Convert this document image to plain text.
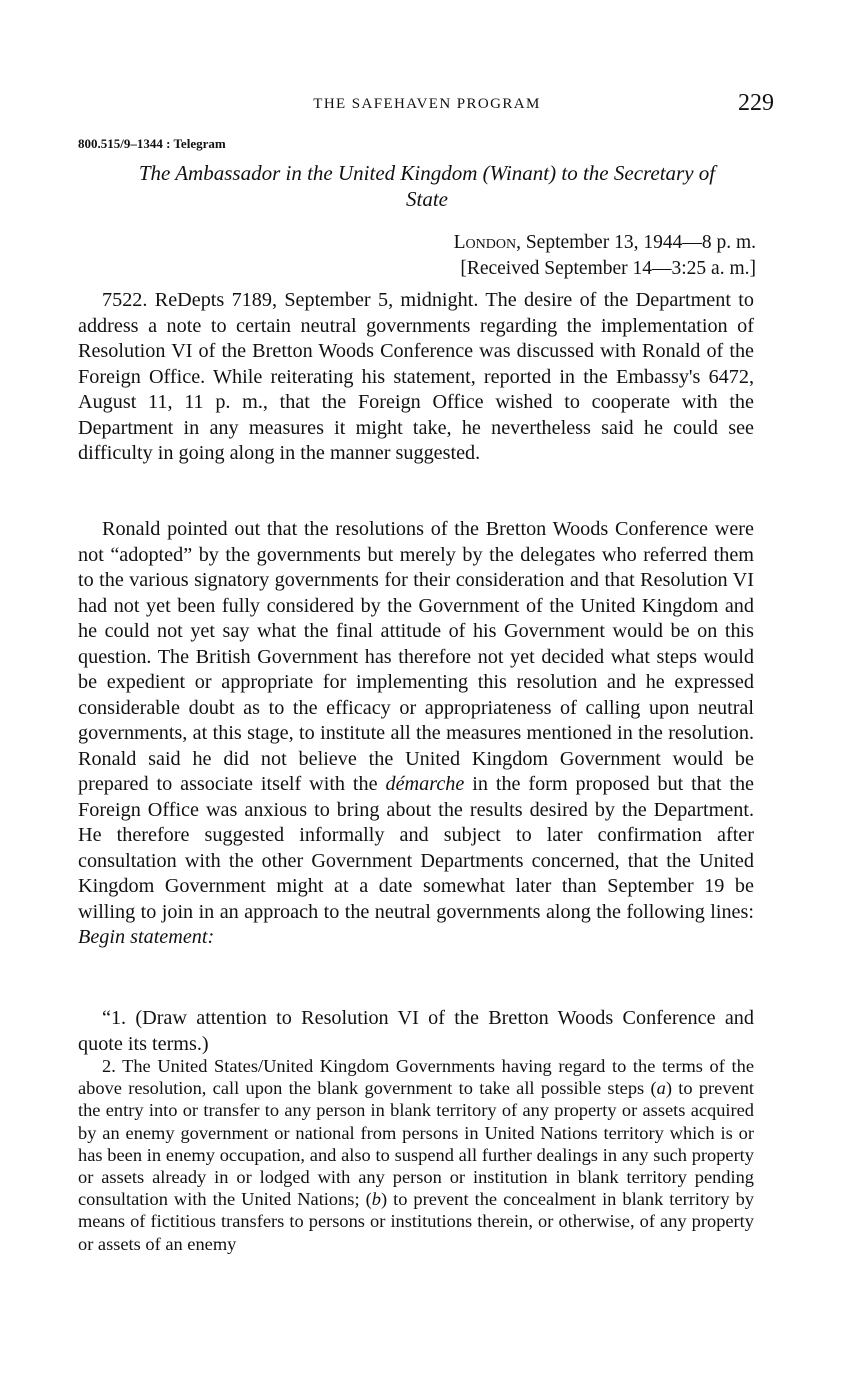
THE SAFEHAVEN PROGRAM	229
800.515/9–1344 : Telegram
The Ambassador in the United Kingdom (Winant) to the Secretary of State
London, September 13, 1944—8 p. m.
[Received September 14—3:25 a. m.]

7522. ReDepts 7189, September 5, midnight. The desire of the Department to address a note to certain neutral governments regarding the implementation of Resolution VI of the Bretton Woods Conference was discussed with Ronald of the Foreign Office. While reiterating his statement, reported in the Embassy's 6472, August 11, 11 p. m., that the Foreign Office wished to cooperate with the Department in any measures it might take, he nevertheless said he could see difficulty in going along in the manner suggested.

Ronald pointed out that the resolutions of the Bretton Woods Conference were not “adopted” by the governments but merely by the delegates who referred them to the various signatory governments for their consideration and that Resolution VI had not yet been fully considered by the Government of the United Kingdom and he could not yet say what the final attitude of his Government would be on this question. The British Government has therefore not yet decided what steps would be expedient or appropriate for implementing this resolution and he expressed considerable doubt as to the efficacy or appropriateness of calling upon neutral governments, at this stage, to institute all the measures mentioned in the resolution. Ronald said he did not believe the United Kingdom Government would be prepared to associate itself with the démarche in the form proposed but that the Foreign Office was anxious to bring about the results desired by the Department. He therefore suggested informally and subject to later confirmation after consultation with the other Government Departments concerned, that the United Kingdom Government might at a date somewhat later than September 19 be willing to join in an approach to the neutral governments along the following lines: Begin statement:

“1. (Draw attention to Resolution VI of the Bretton Woods Conference and quote its terms.)

2. The United States/United Kingdom Governments having regard to the terms of the above resolution, call upon the blank government to take all possible steps (a) to prevent the entry into or transfer to any person in blank territory of any property or assets acquired by an enemy government or national from persons in United Nations territory which is or has been in enemy occupation, and also to suspend all further dealings in any such property or assets already in or lodged with any person or institution in blank territory pending consultation with the United Nations; (b) to prevent the concealment in blank territory by means of fictitious transfers to persons or institutions therein, or otherwise, of any property or assets of an enemy
